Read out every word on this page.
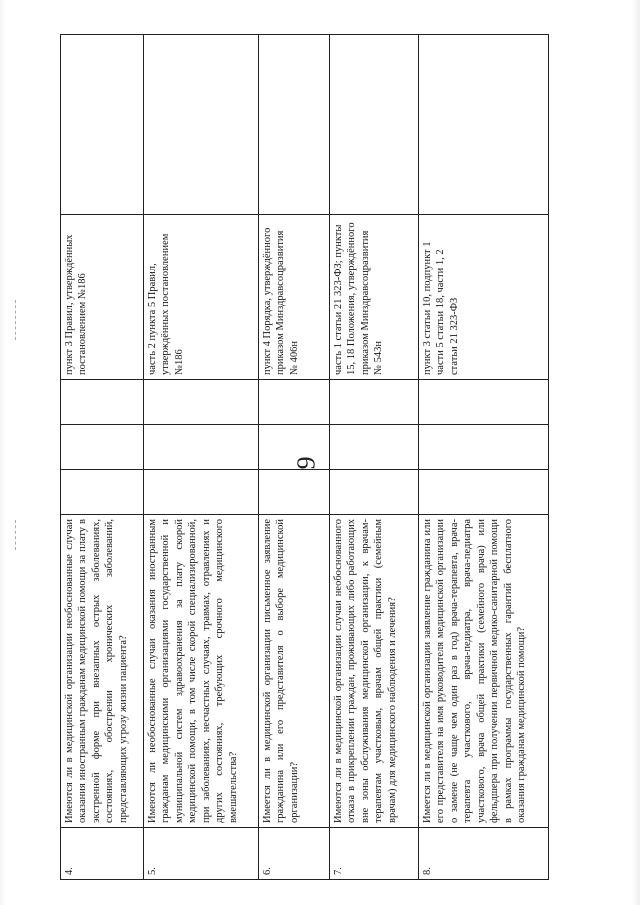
9
4.	Имеются ли в медицинской организации необоснованные случаи оказания иностранным гражданам медицинской помощи за плату в экстренной форме при внезапных острых заболеваниях, состояниях, обострении хронических заболеваний, представляющих угрозу жизни пациента?				пункт 3 Правил, утверждённых постановлением №186	
5.	Имеются ли необоснованные случаи оказания иностранным гражданам медицинскими организациями государственной и муниципальной систем здравоохранения за плату скорой медицинской помощи, в том числе скорой специализированной, при заболеваниях, несчастных случаях, травмах, отравлениях и других состояниях, требующих срочного медицинского вмешательства?				часть 2 пункта 5 Правил, утверждённых постановлением №186	
6.	Имеется ли в медицинской организации письменное заявление гражданина или его представителя о выборе медицинской организации?				пункт 4 Порядка, утверждённого приказом Минздравсоцразвития № 406н	
7.	Имеются ли в медицинской организации случаи необоснованного отказа в прикреплении граждан, проживающих либо работающих вне зоны обслуживания медицинской организации, к врачам-терапевтам участковым, врачам общей практики (семейным врачам) для медицинского наблюдения и лечения?				часть 1 статьи 21 323-ФЗ; пункты 15, 18 Положения, утверждённого приказом Минздравсоцразвития № 543н	
8.	Имеется ли в медицинской организации заявление гражданина или его представителя на имя руководителя медицинской организации о замене (не чаще чем один раз в год) врача-терапевта, врача-терапевта участкового, врача-педиатра, врача-педиатра участкового, врача общей практики (семейного врача) или фельдшера при получении первичной медико-санитарной помощи в рамках программы государственных гарантий бесплатного оказания гражданам медицинской помощи?				пункт 3 статьи 10, подпункт 1 части 5 статьи 18, части 1, 2 статьи 21 323-ФЗ	
